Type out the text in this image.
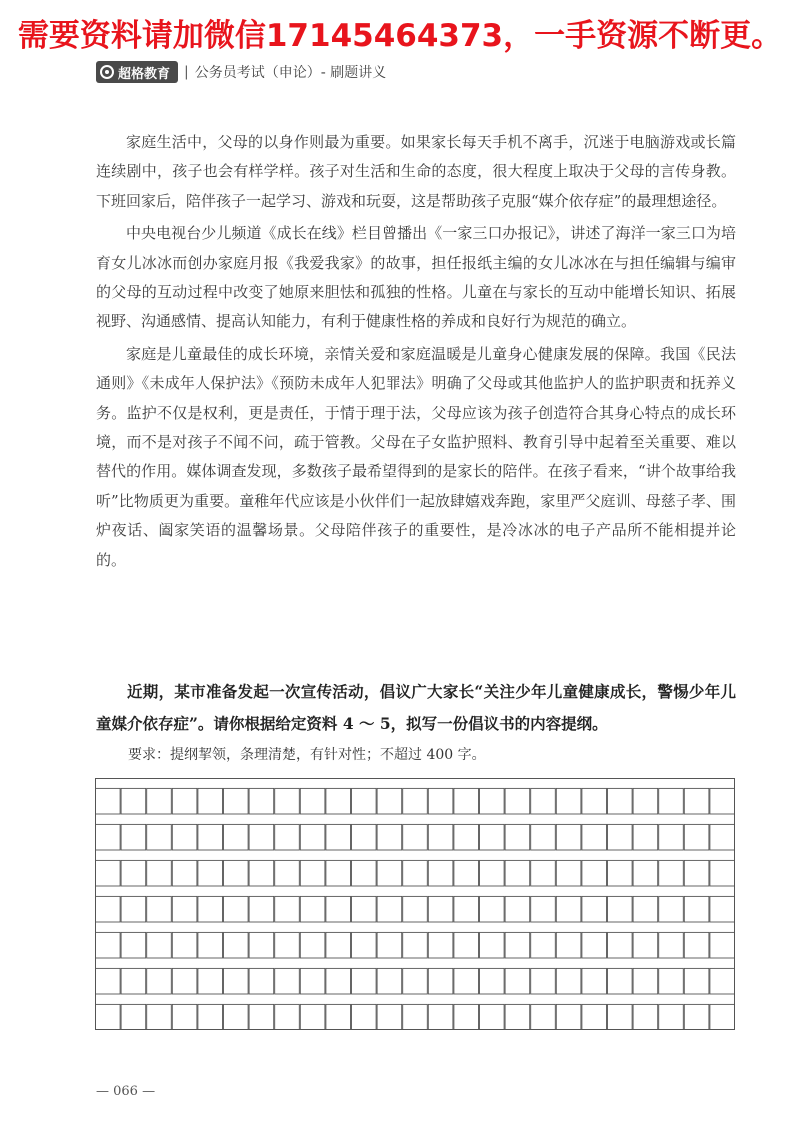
需要资料请加微信17145464373，一手资源不断更。
超格教育 | 公务员考试（申论）- 刷题讲义

家庭生活中，父母的以身作则最为重要。如果家长每天手机不离手，沉迷于电脑游戏或长篇连续剧中，孩子也会有样学样。孩子对生活和生命的态度，很大程度上取决于父母的言传身教。下班回家后，陪伴孩子一起学习、游戏和玩耍，这是帮助孩子克服“媒介依存症”的最理想途径。

中央电视台少儿频道《成长在线》栏目曾播出《一家三口办报记》，讲述了海洋一家三口为培育女儿冰冰而创办家庭月报《我爱我家》的故事，担任报纸主编的女儿冰冰在与担任编辑与编审的父母的互动过程中改变了她原来胆怯和孤独的性格。儿童在与家长的互动中能增长知识、拓展视野、沟通感情、提高认知能力，有利于健康性格的养成和良好行为规范的确立。

家庭是儿童最佳的成长环境，亲情关爱和家庭温暖是儿童身心健康发展的保障。我国《民法通则》《未成年人保护法》《预防未成年人犯罪法》明确了父母或其他监护人的监护职责和抚养义务。监护不仅是权利，更是责任，于情于理于法，父母应该为孩子创造符合其身心特点的成长环境，而不是对孩子不闻不问，疏于管教。父母在子女监护照料、教育引导中起着至关重要、难以替代的作用。媒体调查发现，多数孩子最希望得到的是家长的陪伴。在孩子看来，“讲个故事给我听”比物质更为重要。童稚年代应该是小伙伴们一起放肆嬉戏奔跑，家里严父庭训、母慈子孝、围炉夜话、阖家笑语的温馨场景。父母陪伴孩子的重要性，是冷冰冰的电子产品所不能相提并论的。

近期，某市准备发起一次宣传活动，倡议广大家长“关注少年儿童健康成长，警惕少年儿童媒介依存症”。请你根据给定资料 4 ～ 5，拟写一份倡议书的内容提纲。

要求：提纲挈领，条理清楚，有针对性；不超过 400 字。
— 066 —
